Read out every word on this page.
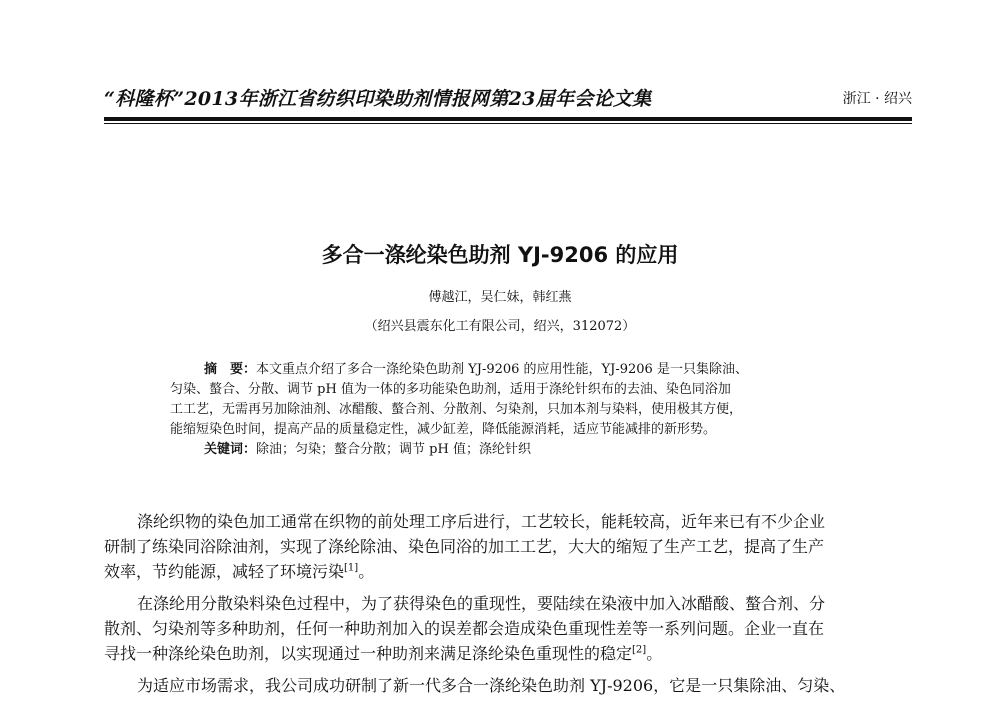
“科隆杯”2013年浙江省纺织印染助剂情报网第23届年会论文集	浙江 · 绍兴
多合一涤纶染色助剂 YJ-9206 的应用
傅越江，吴仁妹，韩红燕
（绍兴县震东化工有限公司，绍兴，312072）
摘　要：本文重点介绍了多合一涤纶染色助剂 YJ-9206 的应用性能，YJ-9206 是一只集除油、
匀染、螯合、分散、调节 pH 值为一体的多功能染色助剂，适用于涤纶针织布的去油、染色同浴加
工工艺，无需再另加除油剂、冰醋酸、螯合剂、分散剂、匀染剂，只加本剂与染料，使用极其方便，
能缩短染色时间，提高产品的质量稳定性，减少缸差，降低能源消耗，适应节能减排的新形势。
关键词：除油；匀染；螯合分散；调节 pH 值；涤纶针织
涤纶织物的染色加工通常在织物的前处理工序后进行，工艺较长，能耗较高，近年来已有不少企业
研制了练染同浴除油剂，实现了涤纶除油、染色同浴的加工工艺，大大的缩短了生产工艺，提高了生产
效率，节约能源，减轻了环境污染[1]。
在涤纶用分散染料染色过程中，为了获得染色的重现性，要陆续在染液中加入冰醋酸、螯合剂、分
散剂、匀染剂等多种助剂，任何一种助剂加入的误差都会造成染色重现性差等一系列问题。企业一直在
寻找一种涤纶染色助剂，以实现通过一种助剂来满足涤纶染色重现性的稳定[2]。
为适应市场需求，我公司成功研制了新一代多合一涤纶染色助剂 YJ-9206，它是一只集除油、匀染、
